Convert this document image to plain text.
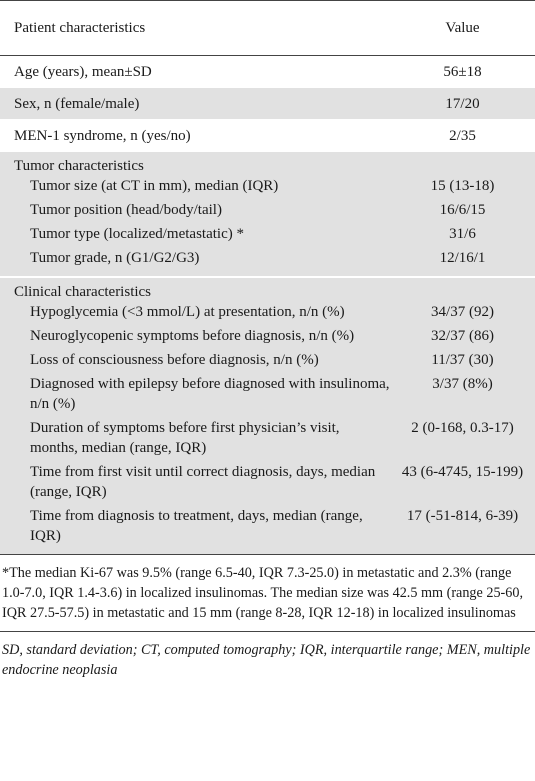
Patient characteristics	Value
Age (years), mean±SD	56±18
Sex, n (female/male)	17/20
MEN-1 syndrome, n (yes/no)	2/35
Tumor characteristics	
Tumor size (at CT in mm), median (IQR)	15 (13-18)
Tumor position (head/body/tail)	16/6/15
Tumor type (localized/metastatic) *	31/6
Tumor grade, n (G1/G2/G3)	12/16/1

Clinical characteristics	
Hypoglycemia (<3 mmol/L) at presentation, n/n (%)	34/37 (92)
Neuroglycopenic symptoms before diagnosis, n/n (%)	32/37 (86)
Loss of consciousness before diagnosis, n/n (%)	11/37 (30)
Diagnosed with epilepsy before diagnosed with insulinoma, n/n (%)	3/37 (8%)
Duration of symptoms before first physician’s visit, months, median (range, IQR)	2 (0-168, 0.3-17)
Time from first visit until correct diagnosis, days, median (range, IQR)	43 (6-4745, 15-199)
Time from diagnosis to treatment, days, median (range, IQR)	17 (-51-814, 6-39)

*The median Ki-67 was 9.5% (range 6.5-40, IQR 7.3-25.0) in metastatic and 2.3% (range 1.0-7.0, IQR 1.4-3.6) in localized insulinomas. The median size was 42.5 mm (range 25-60, IQR 27.5-57.5) in metastatic and 15 mm (range 8-28, IQR 12-18) in localized insulinomas

SD, standard deviation; CT, computed tomography; IQR, interquartile range; MEN, multiple endocrine neoplasia
